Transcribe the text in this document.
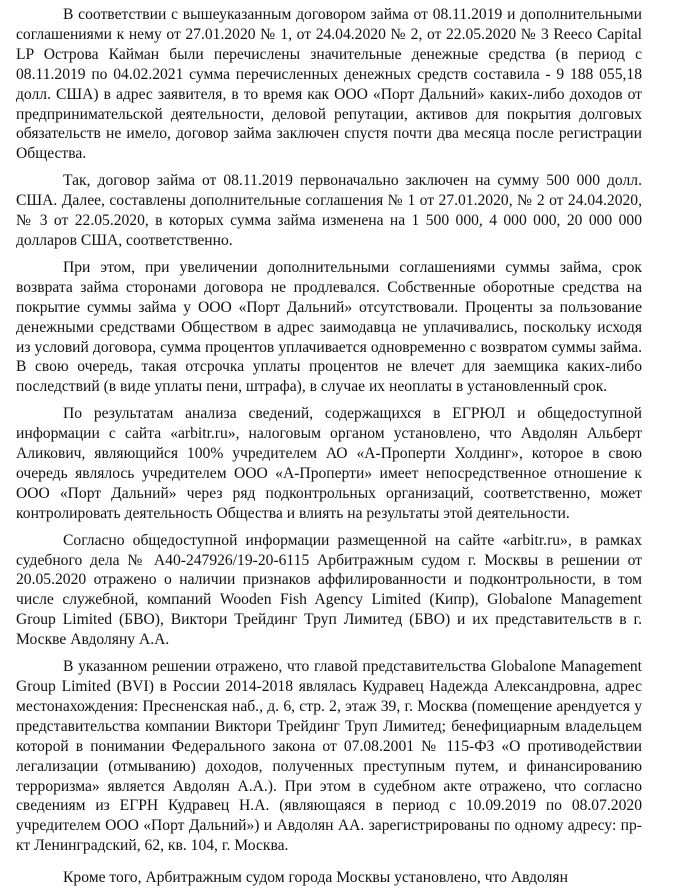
В соответствии с вышеуказанным договором займа от 08.11.2019 и дополнительными соглашениями к нему от 27.01.2020 № 1, от 24.04.2020 № 2, от 22.05.2020 № 3 Reeco Capital LP Острова Кайман были перечислены значительные денежные средства (в период с 08.11.2019 по 04.02.2021 сумма перечисленных денежных средств составила - 9 188 055,18 долл. США) в адрес заявителя, в то время как ООО «Порт Дальний» каких-либо доходов от предпринимательской деятельности, деловой репутации, активов для покрытия долговых обязательств не имело, договор займа заключен спустя почти два месяца после регистрации Общества.

Так, договор займа от 08.11.2019 первоначально заключен на сумму 500 000 долл. США. Далее, составлены дополнительные соглашения № 1 от 27.01.2020, № 2 от 24.04.2020, № 3 от 22.05.2020, в которых сумма займа изменена на 1 500 000, 4 000 000, 20 000 000 долларов США, соответственно.

При этом, при увеличении дополнительными соглашениями суммы займа, срок возврата займа сторонами договора не продлевался. Собственные оборотные средства на покрытие суммы займа у ООО «Порт Дальний» отсутствовали. Проценты за пользование денежными средствами Обществом в адрес заимодавца не уплачивались, поскольку исходя из условий договора, сумма процентов уплачивается одновременно с возвратом суммы займа. В свою очередь, такая отсрочка уплаты процентов не влечет для заемщика каких-либо последствий (в виде уплаты пени, штрафа), в случае их неоплаты в установленный срок.

По результатам анализа сведений, содержащихся в ЕГРЮЛ и общедоступной информации с сайта «arbitr.ru», налоговым органом установлено, что Авдолян Альберт Аликович, являющийся 100% учредителем АО «А-Проперти Холдинг», которое в свою очередь являлось учредителем ООО «А-Проперти» имеет непосредственное отношение к ООО «Порт Дальний» через ряд подконтрольных организаций, соответственно, может контролировать деятельность Общества и влиять на результаты этой деятельности.

Согласно общедоступной информации размещенной на сайте «arbitr.ru», в рамках судебного дела № А40-247926/19-20-6115 Арбитражным судом г. Москвы в решении от 20.05.2020 отражено о наличии признаков аффилированности и подконтрольности, в том числе служебной, компаний Wooden Fish Agency Limited (Кипр), Globalone Management Group Limited (БВО), Виктори Трейдинг Труп Лимитед (БВО) и их представительств в г. Москве Авдоляну А.А.

В указанном решении отражено, что главой представительства Globalone Management Group Limited (BVI) в России 2014-2018 являлась Кудравец Надежда Александровна, адрес местонахождения: Пресненская наб., д. 6, стр. 2, этаж 39, г. Москва (помещение арендуется у представительства компании Виктори Трейдинг Труп Лимитед; бенефициарным владельцем которой в понимании Федерального закона от 07.08.2001 № 115-ФЗ «О противодействии легализации (отмыванию) доходов, полученных преступным путем, и финансированию терроризма» является Авдолян А.А.). При этом в судебном акте отражено, что согласно сведениям из ЕГРН Кудравец Н.А. (являющаяся в период с 10.09.2019 по 08.07.2020 учредителем ООО «Порт Дальний») и Авдолян АА. зарегистрированы по одному адресу: пр-кт Ленинградский, 62, кв. 104, г. Москва.

Кроме того, Арбитражным судом города Москвы установлено, что Авдолян
